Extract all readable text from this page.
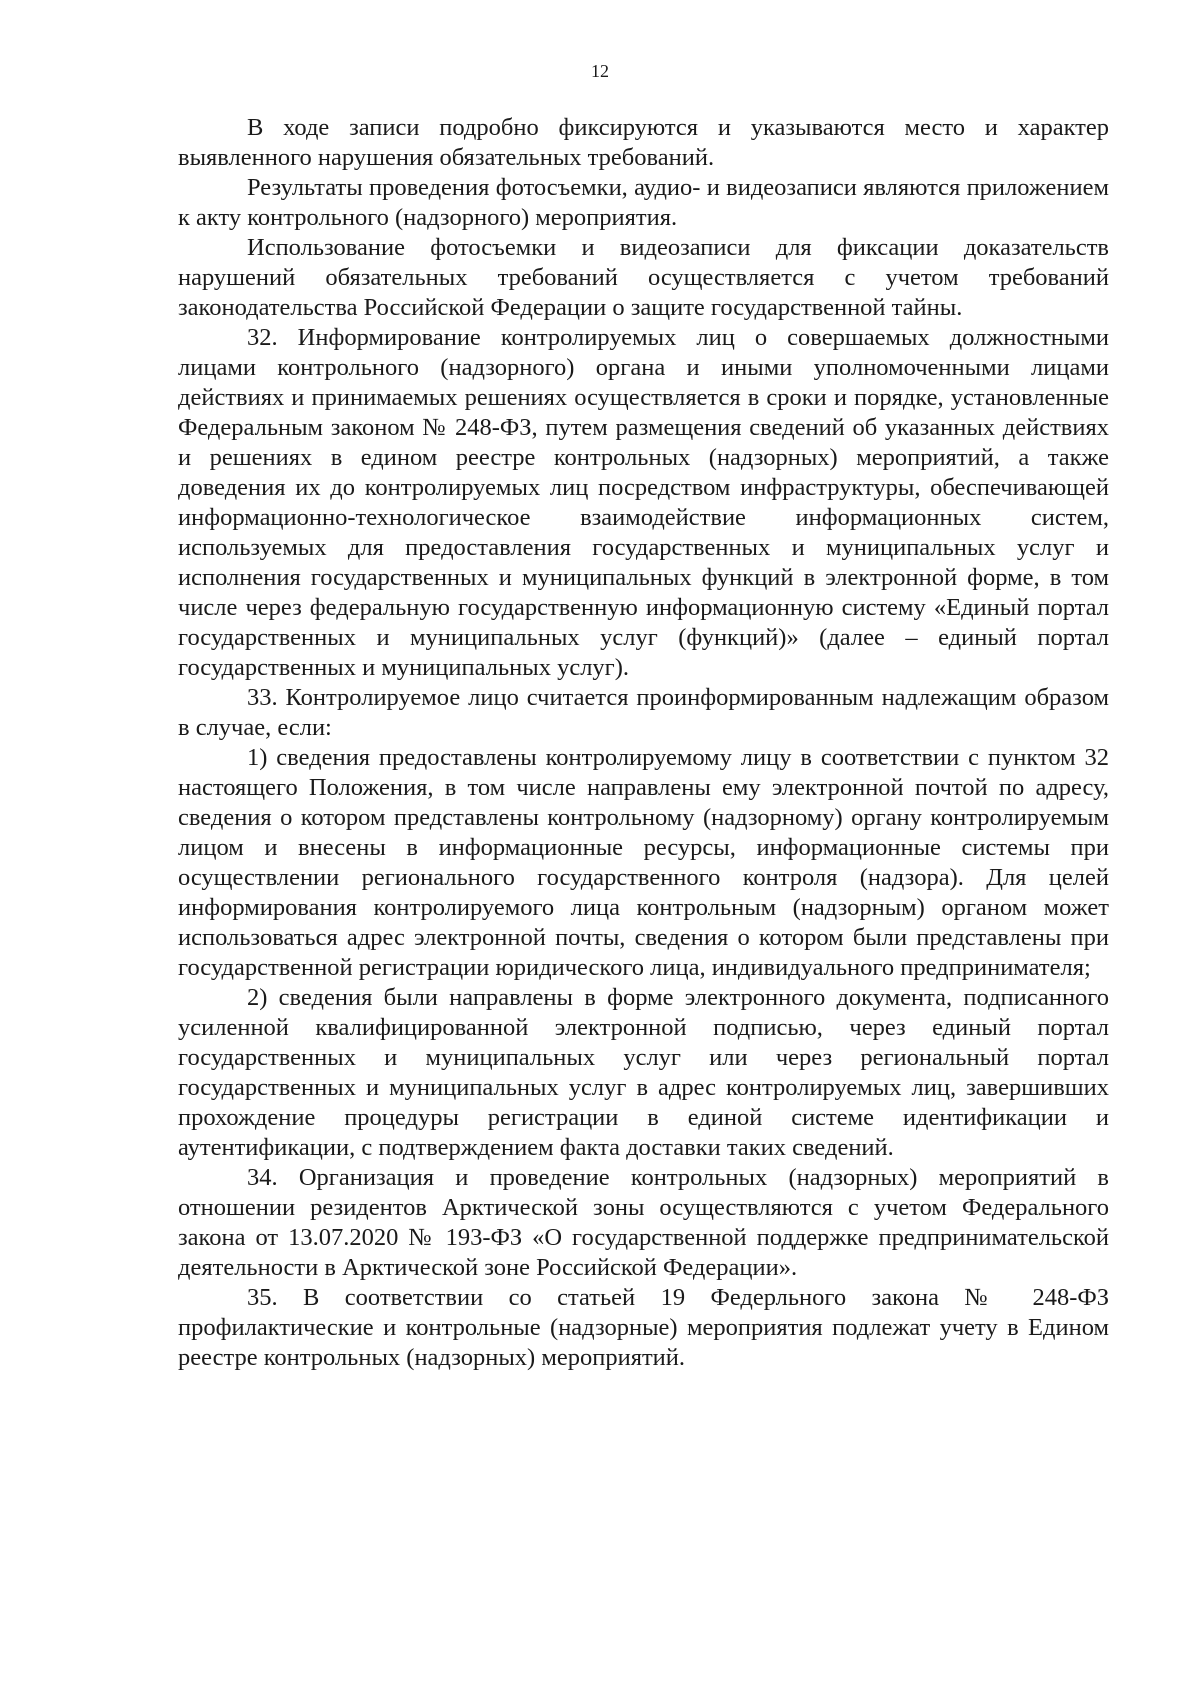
12

В ходе записи подробно фиксируются и указываются место и характер выявленного нарушения обязательных требований.

Результаты проведения фотосъемки, аудио- и видеозаписи являются приложением к акту контрольного (надзорного) мероприятия.

Использование фотосъемки и видеозаписи для фиксации доказательств нарушений обязательных требований осуществляется с учетом требований законодательства Российской Федерации о защите государственной тайны.

32. Информирование контролируемых лиц о совершаемых должностными лицами контрольного (надзорного) органа и иными уполномоченными лицами действиях и принимаемых решениях осуществляется в сроки и порядке, установленные Федеральным законом № 248-ФЗ, путем размещения сведений об указанных действиях и решениях в едином реестре контрольных (надзорных) мероприятий, а также доведения их до контролируемых лиц посредством инфраструктуры, обеспечивающей информационно-технологическое взаимодействие информационных систем, используемых для предоставления государственных и муниципальных услуг и исполнения государственных и муниципальных функций в электронной форме, в том числе через федеральную государственную информационную систему «Единый портал государственных и муниципальных услуг (функций)» (далее – единый портал государственных и муниципальных услуг).

33. Контролируемое лицо считается проинформированным надлежащим образом в случае, если:

1) сведения предоставлены контролируемому лицу в соответствии с пунктом 32 настоящего Положения, в том числе направлены ему электронной почтой по адресу, сведения о котором представлены контрольному (надзорному) органу контролируемым лицом и внесены в информационные ресурсы, информационные системы при осуществлении регионального государственного контроля (надзора). Для целей информирования контролируемого лица контрольным (надзорным) органом может использоваться адрес электронной почты, сведения о котором были представлены при государственной регистрации юридического лица, индивидуального предпринимателя;

2) сведения были направлены в форме электронного документа, подписанного усиленной квалифицированной электронной подписью, через единый портал государственных и муниципальных услуг или через региональный портал государственных и муниципальных услуг в адрес контролируемых лиц, завершивших прохождение процедуры регистрации в единой системе идентификации и аутентификации, с подтверждением факта доставки таких сведений.

34. Организация и проведение контрольных (надзорных) мероприятий в отношении резидентов Арктической зоны осуществляются с учетом Федерального закона от 13.07.2020 № 193-ФЗ «О государственной поддержке предпринимательской деятельности в Арктической зоне Российской Федерации».

35. В соответствии со статьей 19 Федерльного закона № 248-ФЗ профилактические и контрольные (надзорные) мероприятия подлежат учету в Едином реестре контрольных (надзорных) мероприятий.
